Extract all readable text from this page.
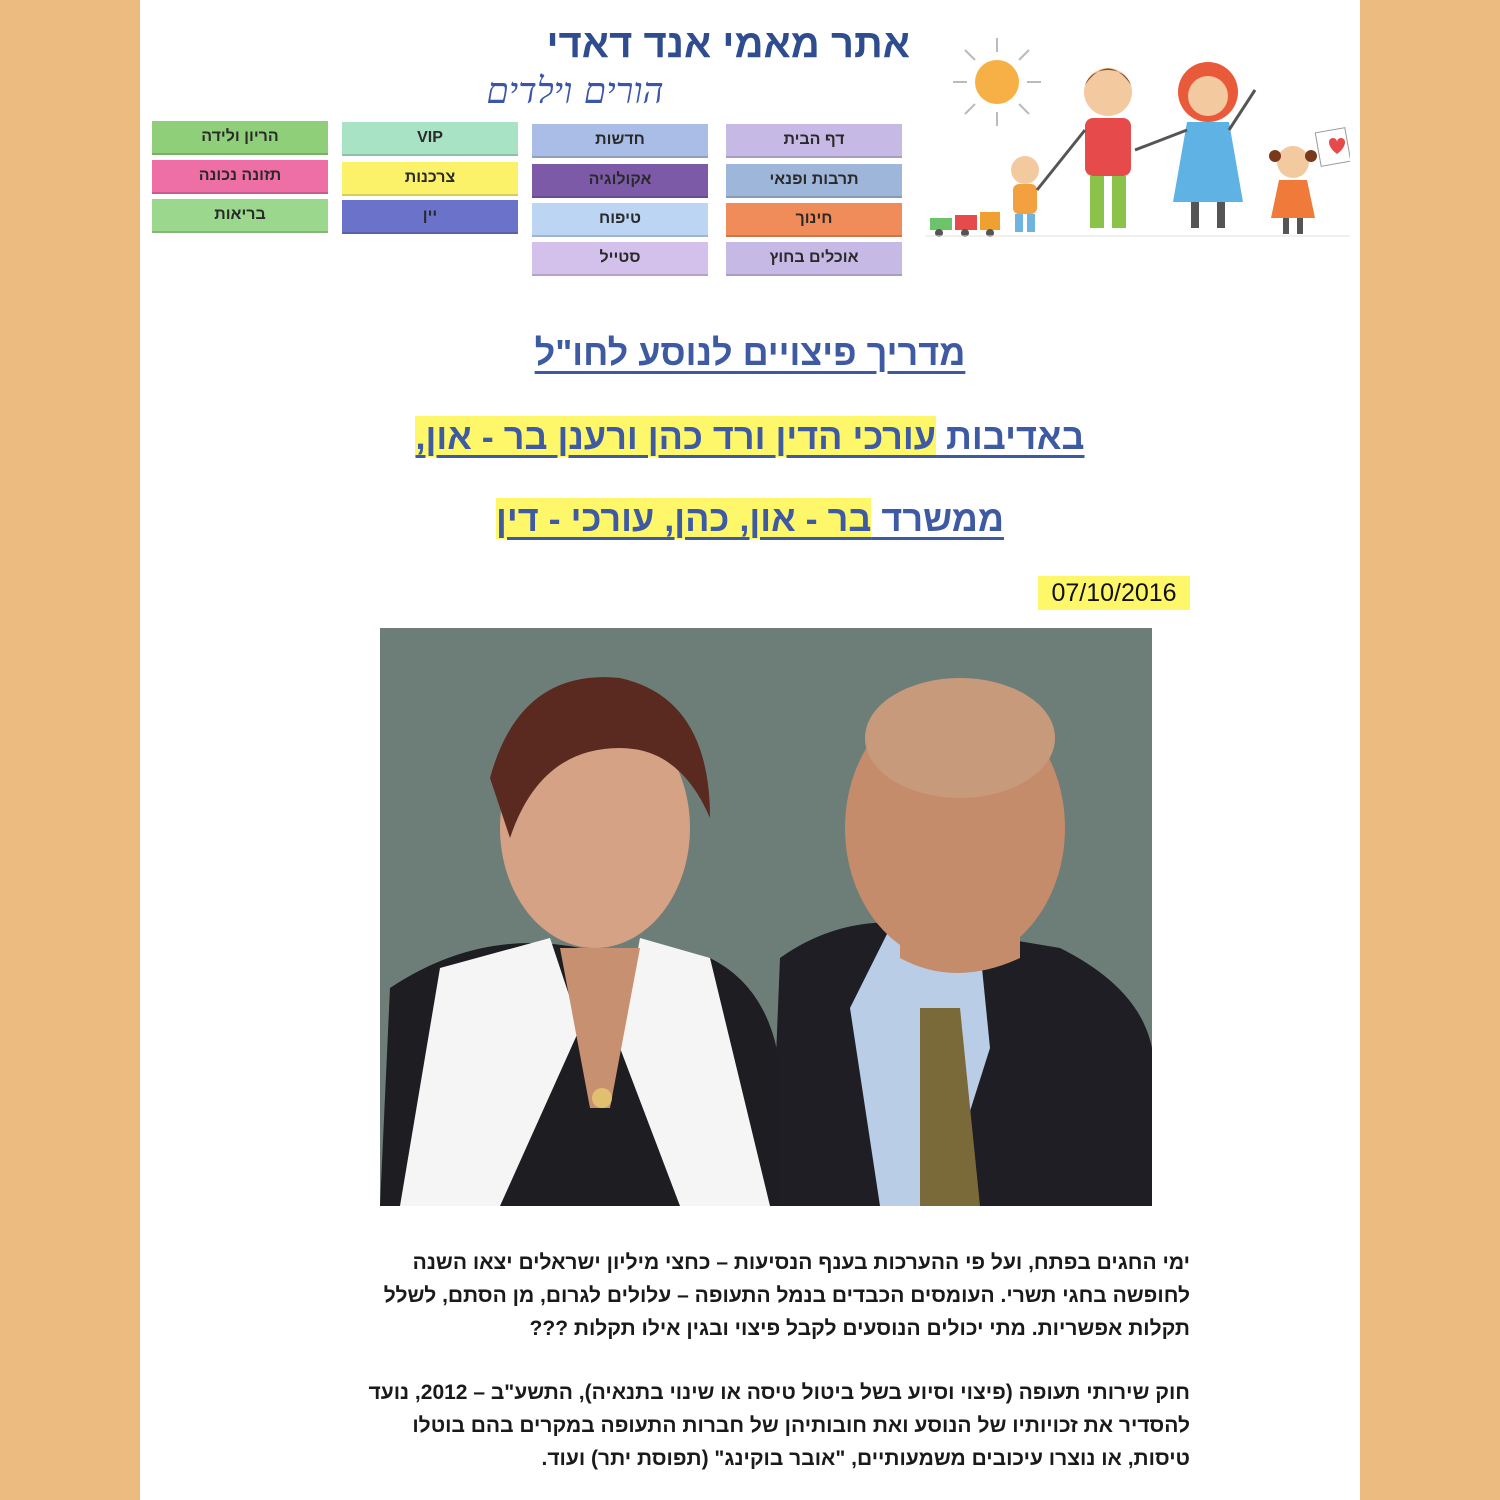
אתר מאמי אנד דאדי
הורים וילדים
דף הבית
תרבות ופנאי
חינוך
אוכלים בחוץ
חדשות
אקולוגיה
טיפוח
סטייל
VIP
צרכנות
יין
הריון ולידה
תזונה נכונה
בריאות
מדריך פיצויים לנוסע לחו"ל
באדיבות עורכי הדין ורד כהן ורענן בר - און,
ממשרד בר - און, כהן, עורכי - דין
07/10/2016
ימי החגים בפתח, ועל פי ההערכות בענף הנסיעות – כחצי מיליון ישראלים יצאו השנה
לחופשה בחגי תשרי. העומסים הכבדים בנמל התעופה – עלולים לגרום, מן הסתם, לשלל
תקלות אפשריות. מתי יכולים הנוסעים לקבל פיצוי ובגין אילו תקלות ???
חוק שירותי תעופה (פיצוי וסיוע בשל ביטול טיסה או שינוי בתנאיה), התשע"ב – 2012, נועד
להסדיר את זכויותיו של הנוסע ואת חובותיהן של חברות התעופה במקרים בהם בוטלו
טיסות, או נוצרו עיכובים משמעותיים, "אובר בוקינג" (תפוסת יתר) ועוד.
